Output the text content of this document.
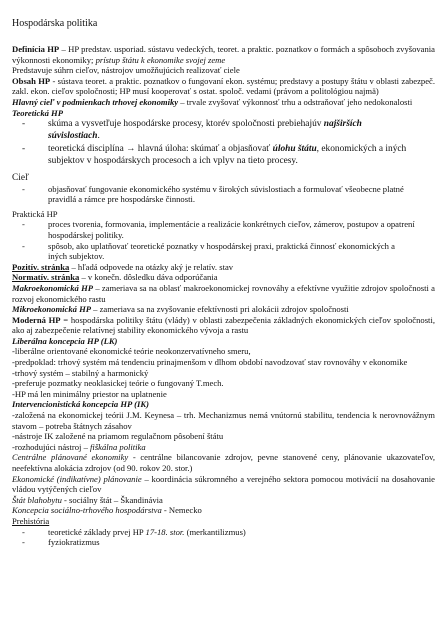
Hospodárska politika

Definícia HP – HP predstav. usporiad. sústavu vedeckých, teoret. a praktic. poznatkov o formách a spôsoboch zvyšovania výkonnosti ekonomiky; prístup štátu k ekonomike svojej zeme

Predstavuje súhrn cieľov, nástrojov umožňujúcich realizovať ciele

Obsah HP - sústava teoret. a praktic. poznatkov o fungovaní ekon. systému; predstavy a postupy štátu v oblasti zabezpeč. zakl. ekon. cieľov spoločnosti; HP musí kooperovať s ostat. spoloč. vedami (právom a politológiou najmä)

Hlavný cieľ v podmienkach trhovej ekonomiky – trvale zvyšovať výkonnosť trhu a odstraňovať jeho nedokonalosti

Teoretická HP

- skúma a vysvetľuje hospodárske procesy, ktorév spoločnosti prebiehajúv najširších súvislostiach.
- teoretická disciplína → hlavná úloha: skúmať a objasňovať úlohu štátu, ekonomických a iných subjektov v hospodárskych procesoch a ich vplyv na tieto procesy.

Cieľ

- objasňovať fungovanie ekonomického systému v širokých súvislostiach a formulovať všeobecne platné pravidlá a rámce pre hospodárske činnosti.

Praktická HP

- proces tvorenia, formovania, implementácie a realizácie konkrétnych cieľov, zámerov, postupov a opatrení hospodárskej politiky.
- spôsob, ako uplatňovať teoretické poznatky v hospodárskej praxi, praktická činnosť ekonomických a iných subjektov.

Pozitív. stránka – hľadá odpovede na otázky aký je relatív. stav

Normatív. stránka – v konečn. dôsledku dáva odporúčania

Makroekonomická HP – zameriava sa na oblasť makroekonomickej rovnováhy a efektívne využitie zdrojov spoločnosti a rozvoj ekonomického rastu

Mikroekonomická HP – zameriava sa na zvyšovanie efektívnosti pri alokácii zdrojov spoločnosti

Moderná HP = hospodárska politiky štátu (vlády) v oblasti zabezpečenia základných ekonomických cieľov spoločnosti, ako aj zabezpečenie relatívnej stability ekonomického vývoja a rastu

Liberálna koncepcia HP (LK)

-liberálne orientované ekonomické teórie neokonzervatívneho smeru,

-predpoklad: trhový systém má tendenciu prinajmenšom v dlhom období navodzovať stav rovnováhy v ekonomike

-trhový systém – stabilný a harmonický

-preferuje pozmatky neoklasickej teórie o fungovaný T.mech.

-HP má len minimálny priestor na uplatnenie

Intervencionistická koncepcia HP (IK)

-založená na ekonomickej teórii J.M. Keynesa – trh. Mechanizmus nemá vnútornú stabilitu, tendencia k nerovnovážnym stavom – potreba štátnych zásahov

-nástroje IK založené na priamom regulačnom pôsobení štátu

-rozhodujúci nástroj – fiškálna politika

Centrálne plánované ekonomiky - centrálne bilancovanie zdrojov, pevne stanovené ceny, plánovanie ukazovateľov, neefektívna alokácia zdrojov (od 90. rokov 20. stor.)

Ekonomické (indikatívne) plánovanie – koordinácia súkromného a verejného sektora pomocou motivácií na dosahovanie vládou vytýčených cieľov

Štát blahobytu - sociálny štát – Škandinávia

Koncepcia sociálno-trhového hospodárstva - Nemecko

Prehistória

- teoretické základy prvej HP 17-18. stor. (merkantilizmus)
- fyziokratizmus
